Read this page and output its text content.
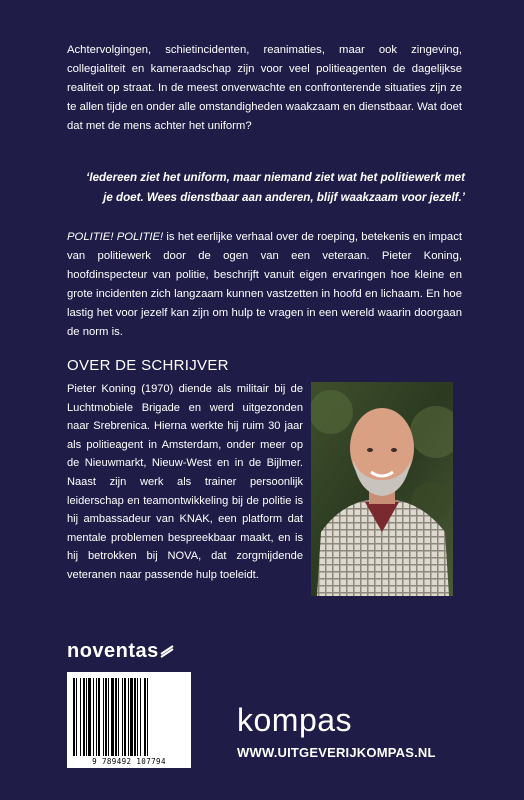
Achtervolgingen, schietincidenten, reanimaties, maar ook zingeving, collegialiteit en kameraadschap zijn voor veel politieagenten de dagelijkse realiteit op straat. In de meest onverwachte en confronterende situaties zijn ze te allen tijde en onder alle omstandigheden waakzaam en dienstbaar. Wat doet dat met de mens achter het uniform?

‘Iedereen ziet het uniform, maar niemand ziet wat het politiewerk met je doet. Wees dienstbaar aan anderen, blijf waakzaam voor jezelf.’

POLITIE! POLITIE! is het eerlijke verhaal over de roeping, betekenis en impact van politiewerk door de ogen van een veteraan. Pieter Koning, hoofdinspecteur van politie, beschrijft vanuit eigen ervaringen hoe kleine en grote incidenten zich langzaam kunnen vastzetten in hoofd en lichaam. En hoe lastig het voor jezelf kan zijn om hulp te vragen in een wereld waarin doorgaan de norm is.

OVER DE SCHRIJVER

Pieter Koning (1970) diende als militair bij de Luchtmobiele Brigade en werd uitgezonden naar Srebrenica. Hierna werkte hij ruim 30 jaar als politieagent in Amsterdam, onder meer op de Nieuwmarkt, Nieuw-West en in de Bijlmer. Naast zijn werk als trainer persoonlijk leiderschap en teamontwikkeling bij de politie is hij ambassadeur van KNAK, een platform dat mentale problemen bespreekbaar maakt, en is hij betrokken bij NOVA, dat zorgmijdende veteranen naar passende hulp toeleidt.

noventas
9 789492 107794
kompas
WWW.UITGEVERIJKOMPAS.NL
